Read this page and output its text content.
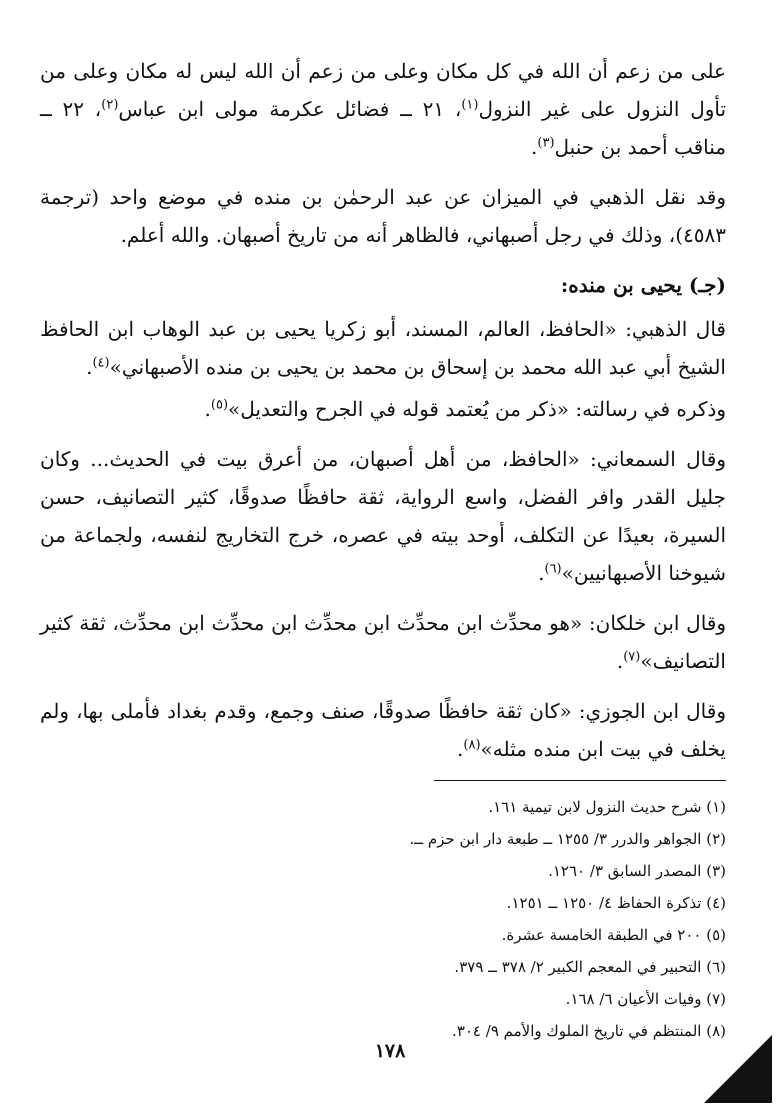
على من زعم أن الله في كل مكان وعلى من زعم أن الله ليس له مكان وعلى من تأول النزول على غير النزول$^{(١)}$، ٢١ ــ فضائل عكرمة مولى ابن عباس$^{(٢)}$، ٢٢ ــ مناقب أحمد بن حنبل$^{(٣)}$.

وقد نقل الذهبي في الميزان عن عبد الرحمٰن بن منده في موضع واحد (ترجمة ٤٥٨٣)، وذلك في رجل أصبهاني، فالظاهر أنه من تاريخ أصبهان. والله أعلم.

(جـ) يحيى بن منده:

قال الذهبي: «الحافظ، العالم، المسند، أبو زكريا يحيى بن عبد الوهاب ابن الحافظ الشيخ أبي عبد الله محمد بن إسحاق بن محمد بن يحيى بن منده الأصبهاني»$^{(٤)}$.

وذكره في رسالته: «ذكر من يُعتمد قوله في الجرح والتعديل»$^{(٥)}$.

وقال السمعاني: «الحافظ، من أهل أصبهان، من أعرق بيت في الحديث... وكان جليل القدر وافر الفضل، واسع الرواية، ثقة حافظًا صدوقًا، كثير التصانيف، حسن السيرة، بعيدًا عن التكلف، أوحد بيته في عصره، خرج التخاريج لنفسه، ولجماعة من شيوخنا الأصبهانيين»$^{(٦)}$.

وقال ابن خلكان: «هو محدِّث ابن محدِّث ابن محدِّث ابن محدِّث ابن محدِّث، ثقة كثير التصانيف»$^{(٧)}$.

وقال ابن الجوزي: «كان ثقة حافظًا صدوقًا، صنف وجمع، وقدم بغداد فأملى بها، ولم يخلف في بيت ابن منده مثله»$^{(٨)}$.

(١) شرح حديث النزول لابن تيمية ١٦١.
(٢) الجواهر والدرر ٣/ ١٢٥٥ ــ طبعة دار ابن حزم ــ.
(٣) المصدر السابق ٣/ ١٢٦٠.
(٤) تذكرة الحفاظ ٤/ ١٢٥٠ ــ ١٢٥١.
(٥) ٢٠٠ في الطبقة الخامسة عشرة.
(٦) التحبير في المعجم الكبير ٢/ ٣٧٨ ــ ٣٧٩.
(٧) وفيات الأعيان ٦/ ١٦٨.
(٨) المنتظم في تاريخ الملوك والأمم ٩/ ٣٠٤.
١٧٨
